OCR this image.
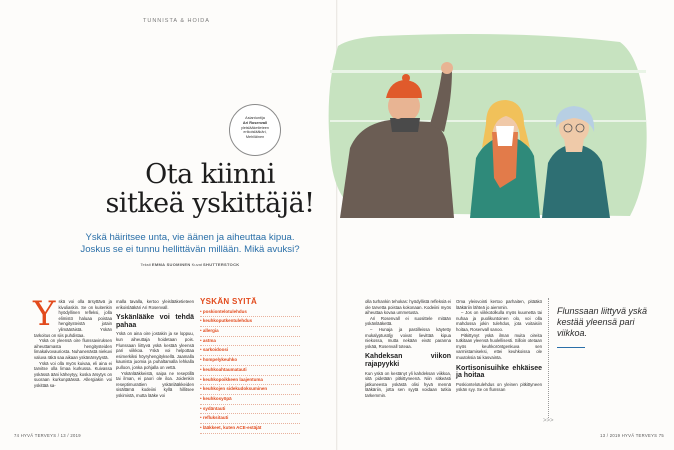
TUNNISTA & HOIDA
Asiantuntija
Ari Rosenvall
yleislääketieteen
erikoislääkäri,
Mehiläinen
Ota kiinni
sitkeä yskittäjä!
Yskä häiritsee unta, vie äänen ja aiheuttaa kipua.
Joskus se ei tunnu hellittävän millään. Mikä avuksi?
Teksti EMMA SUOMINEN Kuvat SHUTTERSTOCK
Y skä voi olla ärsyttävä ja kivuliaskin. Se on kuitenkin hyödyllinen refleksi, jolla elimistö haluaa poistaa hengitysteistä jotain ylimääräistä. Yskän tarkoitus on siis puhdistaa.

Yskä on yleensä oire flunssaviruksen aiheuttamasta hengitysteiden limakalvovauriosta. Nuhanenästä niekuvi valuva räkä saa aikaan yskänärsytystä.

Yskä voi olla myös kuivaa, eli aina ei tarvitse olla limaa kurkussa. Kuivassa yskässä ääni käheytyy, koska ärsytys on suoraan kurkunpäässä. Allergiakin voi yskittää sa-

malla tavalla, kertoo yleislääketieteen erikoislääkäri Ari Rosenvall.

Yskänlääke voi tehdä pahaa

Yskä on aina oire jostakin ja se loppuu, kun aiheuttaja hoidetaan pois. Flunssaan liittyvä yskä kestää yleensä pari viikkoa. Yskä voi helpottaa esimerkiksi höyryhengityksellä. Jaamalla kaunista juomia ja puhaltamalla lehkalla pulloon, jonka pohjalla on vettä.

Yskänlääkkeistä, saipa ne reseptillä tai ilman, ei paori ole iloa. Joidenkin reseptimurattien yskänlääkkeiden sisältämä kodeiini kyllä hillitsee yskimistä, mutta lääke voi

YSKÄN SYITÄ
• poskiontelotulehdus
• keuhkoputkentulehdus
• allergia
• astma
• sarkoidoosi
• hompelykeuhko
• keuhkoahtaumatauti
• keuhkopoikkeen laajentuma
• keuhkojen sidekudoksuminen
• keuhkosyöpä
• sydäntauti
• refluksitauti
• lääkkeet, kuten ACE-estäjät

olla turhankin tehokas: hyödyllistä refleksiä ei ole tarvetta poistaa kokonaan. Kodeiini myös aiheuttaa kovaa ummetusta.

Ari Rosenvall ei suosittele mitään yskänlääkettä.

– Hunaja ja pastilleissa käytetty mukalyptusöljy voivat lievittää kipua niekossa, mutta nekään eivät paranna yskää, Rosenvall toteaa.

Kahdeksan viikon rajapyykki

Kun yskä on kestänyt yli kahdeksan viikkoa, sitä pidetään pitkittyneenä. Niin sitkeästi jatkuneesta yskästä olisi hyvä mennä lääkäriin, jotta sen syytä voidaan tutkia tarkemmin.

Oma yleisvointi kertoo parhaiten, pitääkö lääkäriin lähteä jo aiemmin.

– Jos on viikkotolkulla myös kuumetta tai nuhaa ja puolikuntoinen olo, voi olla mahdossa jokin tulehdus, jota voitaisiin hoitaa, Rosenvall sanoo.

Pitkittynyt yskä ilman muita oireita tutkitaan yleensä huolellisesti. Silloin otetaan myös keuhkoröntgenkuva sen varmistamiseksi, ettei keuhkoissa ole muutoksia tai kasvainta.

Kortisonisuihke ehkäisee ja hoitaa

Poskiontelotulehdus on yleinen pitkittyneen yskän syy. Se on flunssan

Flunssaan liittyvä yskä kestää yleensä pari viikkoa.
>>>
74 HYVÄ TERVEYS / 13 / 2019	13 / 2019 HYVÄ TERVEYS 75
